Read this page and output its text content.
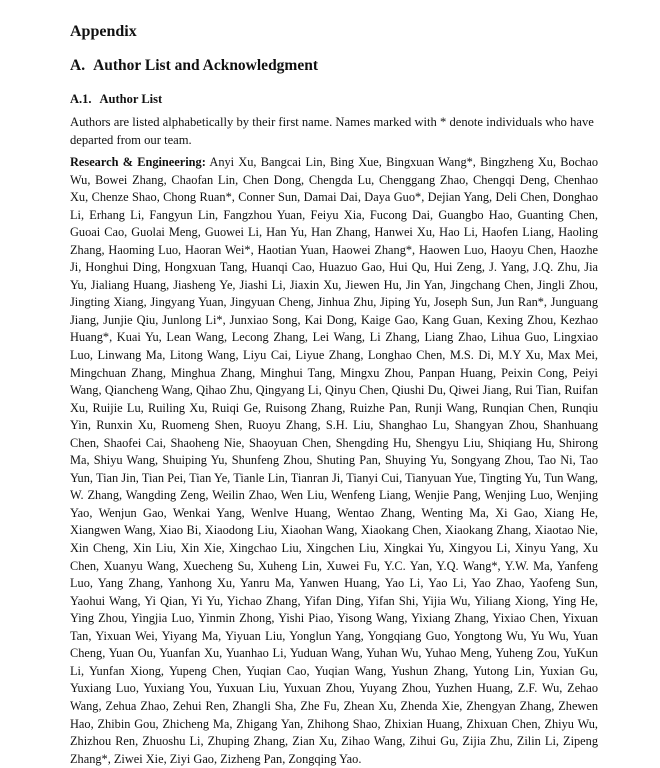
Appendix
A. Author List and Acknowledgment
A.1. Author List

Authors are listed alphabetically by their first name. Names marked with * denote individuals who have departed from our team.

Research & Engineering: Anyi Xu, Bangcai Lin, Bing Xue, Bingxuan Wang*, Bingzheng Xu, Bochao Wu, Bowei Zhang, Chaofan Lin, Chen Dong, Chengda Lu, Chenggang Zhao, Chengqi Deng, Chenhao Xu, Chenze Shao, Chong Ruan*, Conner Sun, Damai Dai, Daya Guo*, Dejian Yang, Deli Chen, Donghao Li, Erhang Li, Fangyun Lin, Fangzhou Yuan, Feiyu Xia, Fucong Dai, Guangbo Hao, Guanting Chen, Guoai Cao, Guolai Meng, Guowei Li, Han Yu, Han Zhang, Hanwei Xu, Hao Li, Haofen Liang, Haoling Zhang, Haoming Luo, Haoran Wei*, Haotian Yuan, Haowei Zhang*, Haowen Luo, Haoyu Chen, Haozhe Ji, Honghui Ding, Hongxuan Tang, Huanqi Cao, Huazuo Gao, Hui Qu, Hui Zeng, J. Yang, J.Q. Zhu, Jia Yu, Jialiang Huang, Jiasheng Ye, Jiashi Li, Jiaxin Xu, Jiewen Hu, Jin Yan, Jingchang Chen, Jingli Zhou, Jingting Xiang, Jingyang Yuan, Jingyuan Cheng, Jinhua Zhu, Jiping Yu, Joseph Sun, Jun Ran*, Junguang Jiang, Junjie Qiu, Junlong Li*, Junxiao Song, Kai Dong, Kaige Gao, Kang Guan, Kexing Zhou, Kezhao Huang*, Kuai Yu, Lean Wang, Lecong Zhang, Lei Wang, Li Zhang, Liang Zhao, Lihua Guo, Lingxiao Luo, Linwang Ma, Litong Wang, Liyu Cai, Liyue Zhang, Longhao Chen, M.S. Di, M.Y Xu, Max Mei, Mingchuan Zhang, Minghua Zhang, Minghui Tang, Mingxu Zhou, Panpan Huang, Peixin Cong, Peiyi Wang, Qiancheng Wang, Qihao Zhu, Qingyang Li, Qinyu Chen, Qiushi Du, Qiwei Jiang, Rui Tian, Ruifan Xu, Ruijie Lu, Ruiling Xu, Ruiqi Ge, Ruisong Zhang, Ruizhe Pan, Runji Wang, Runqian Chen, Runqiu Yin, Runxin Xu, Ruomeng Shen, Ruoyu Zhang, S.H. Liu, Shanghao Lu, Shangyan Zhou, Shanhuang Chen, Shaofei Cai, Shaoheng Nie, Shaoyuan Chen, Shengding Hu, Shengyu Liu, Shiqiang Hu, Shirong Ma, Shiyu Wang, Shuiping Yu, Shunfeng Zhou, Shuting Pan, Shuying Yu, Songyang Zhou, Tao Ni, Tao Yun, Tian Jin, Tian Pei, Tian Ye, Tianle Lin, Tianran Ji, Tianyi Cui, Tianyuan Yue, Tingting Yu, Tun Wang, W. Zhang, Wangding Zeng, Weilin Zhao, Wen Liu, Wenfeng Liang, Wenjie Pang, Wenjing Luo, Wenjing Yao, Wenjun Gao, Wenkai Yang, Wenlve Huang, Wentao Zhang, Wenting Ma, Xi Gao, Xiang He, Xiangwen Wang, Xiao Bi, Xiaodong Liu, Xiaohan Wang, Xiaokang Chen, Xiaokang Zhang, Xiaotao Nie, Xin Cheng, Xin Liu, Xin Xie, Xingchao Liu, Xingchen Liu, Xingkai Yu, Xingyou Li, Xinyu Yang, Xu Chen, Xuanyu Wang, Xuecheng Su, Xuheng Lin, Xuwei Fu, Y.C. Yan, Y.Q. Wang*, Y.W. Ma, Yanfeng Luo, Yang Zhang, Yanhong Xu, Yanru Ma, Yanwen Huang, Yao Li, Yao Li, Yao Zhao, Yaofeng Sun, Yaohui Wang, Yi Qian, Yi Yu, Yichao Zhang, Yifan Ding, Yifan Shi, Yijia Wu, Yiliang Xiong, Ying He, Ying Zhou, Yingjia Luo, Yinmin Zhong, Yishi Piao, Yisong Wang, Yixiang Zhang, Yixiao Chen, Yixuan Tan, Yixuan Wei, Yiyang Ma, Yiyuan Liu, Yonglun Yang, Yongqiang Guo, Yongtong Wu, Yu Wu, Yuan Cheng, Yuan Ou, Yuanfan Xu, Yuanhao Li, Yuduan Wang, Yuhan Wu, Yuhao Meng, Yuheng Zou, YuKun Li, Yunfan Xiong, Yupeng Chen, Yuqian Cao, Yuqian Wang, Yushun Zhang, Yutong Lin, Yuxian Gu, Yuxiang Luo, Yuxiang You, Yuxuan Liu, Yuxuan Zhou, Yuyang Zhou, Yuzhen Huang, Z.F. Wu, Zehao Wang, Zehua Zhao, Zehui Ren, Zhangli Sha, Zhe Fu, Zhean Xu, Zhenda Xie, Zhengyan Zhang, Zhewen Hao, Zhibin Gou, Zhicheng Ma, Zhigang Yan, Zhihong Shao, Zhixian Huang, Zhixuan Chen, Zhiyu Wu, Zhizhou Ren, Zhuoshu Li, Zhuping Zhang, Zian Xu, Zihao Wang, Zihui Gu, Zijia Zhu, Zilin Li, Zipeng Zhang*, Ziwei Xie, Ziyi Gao, Zizheng Pan, Zongqing Yao.
